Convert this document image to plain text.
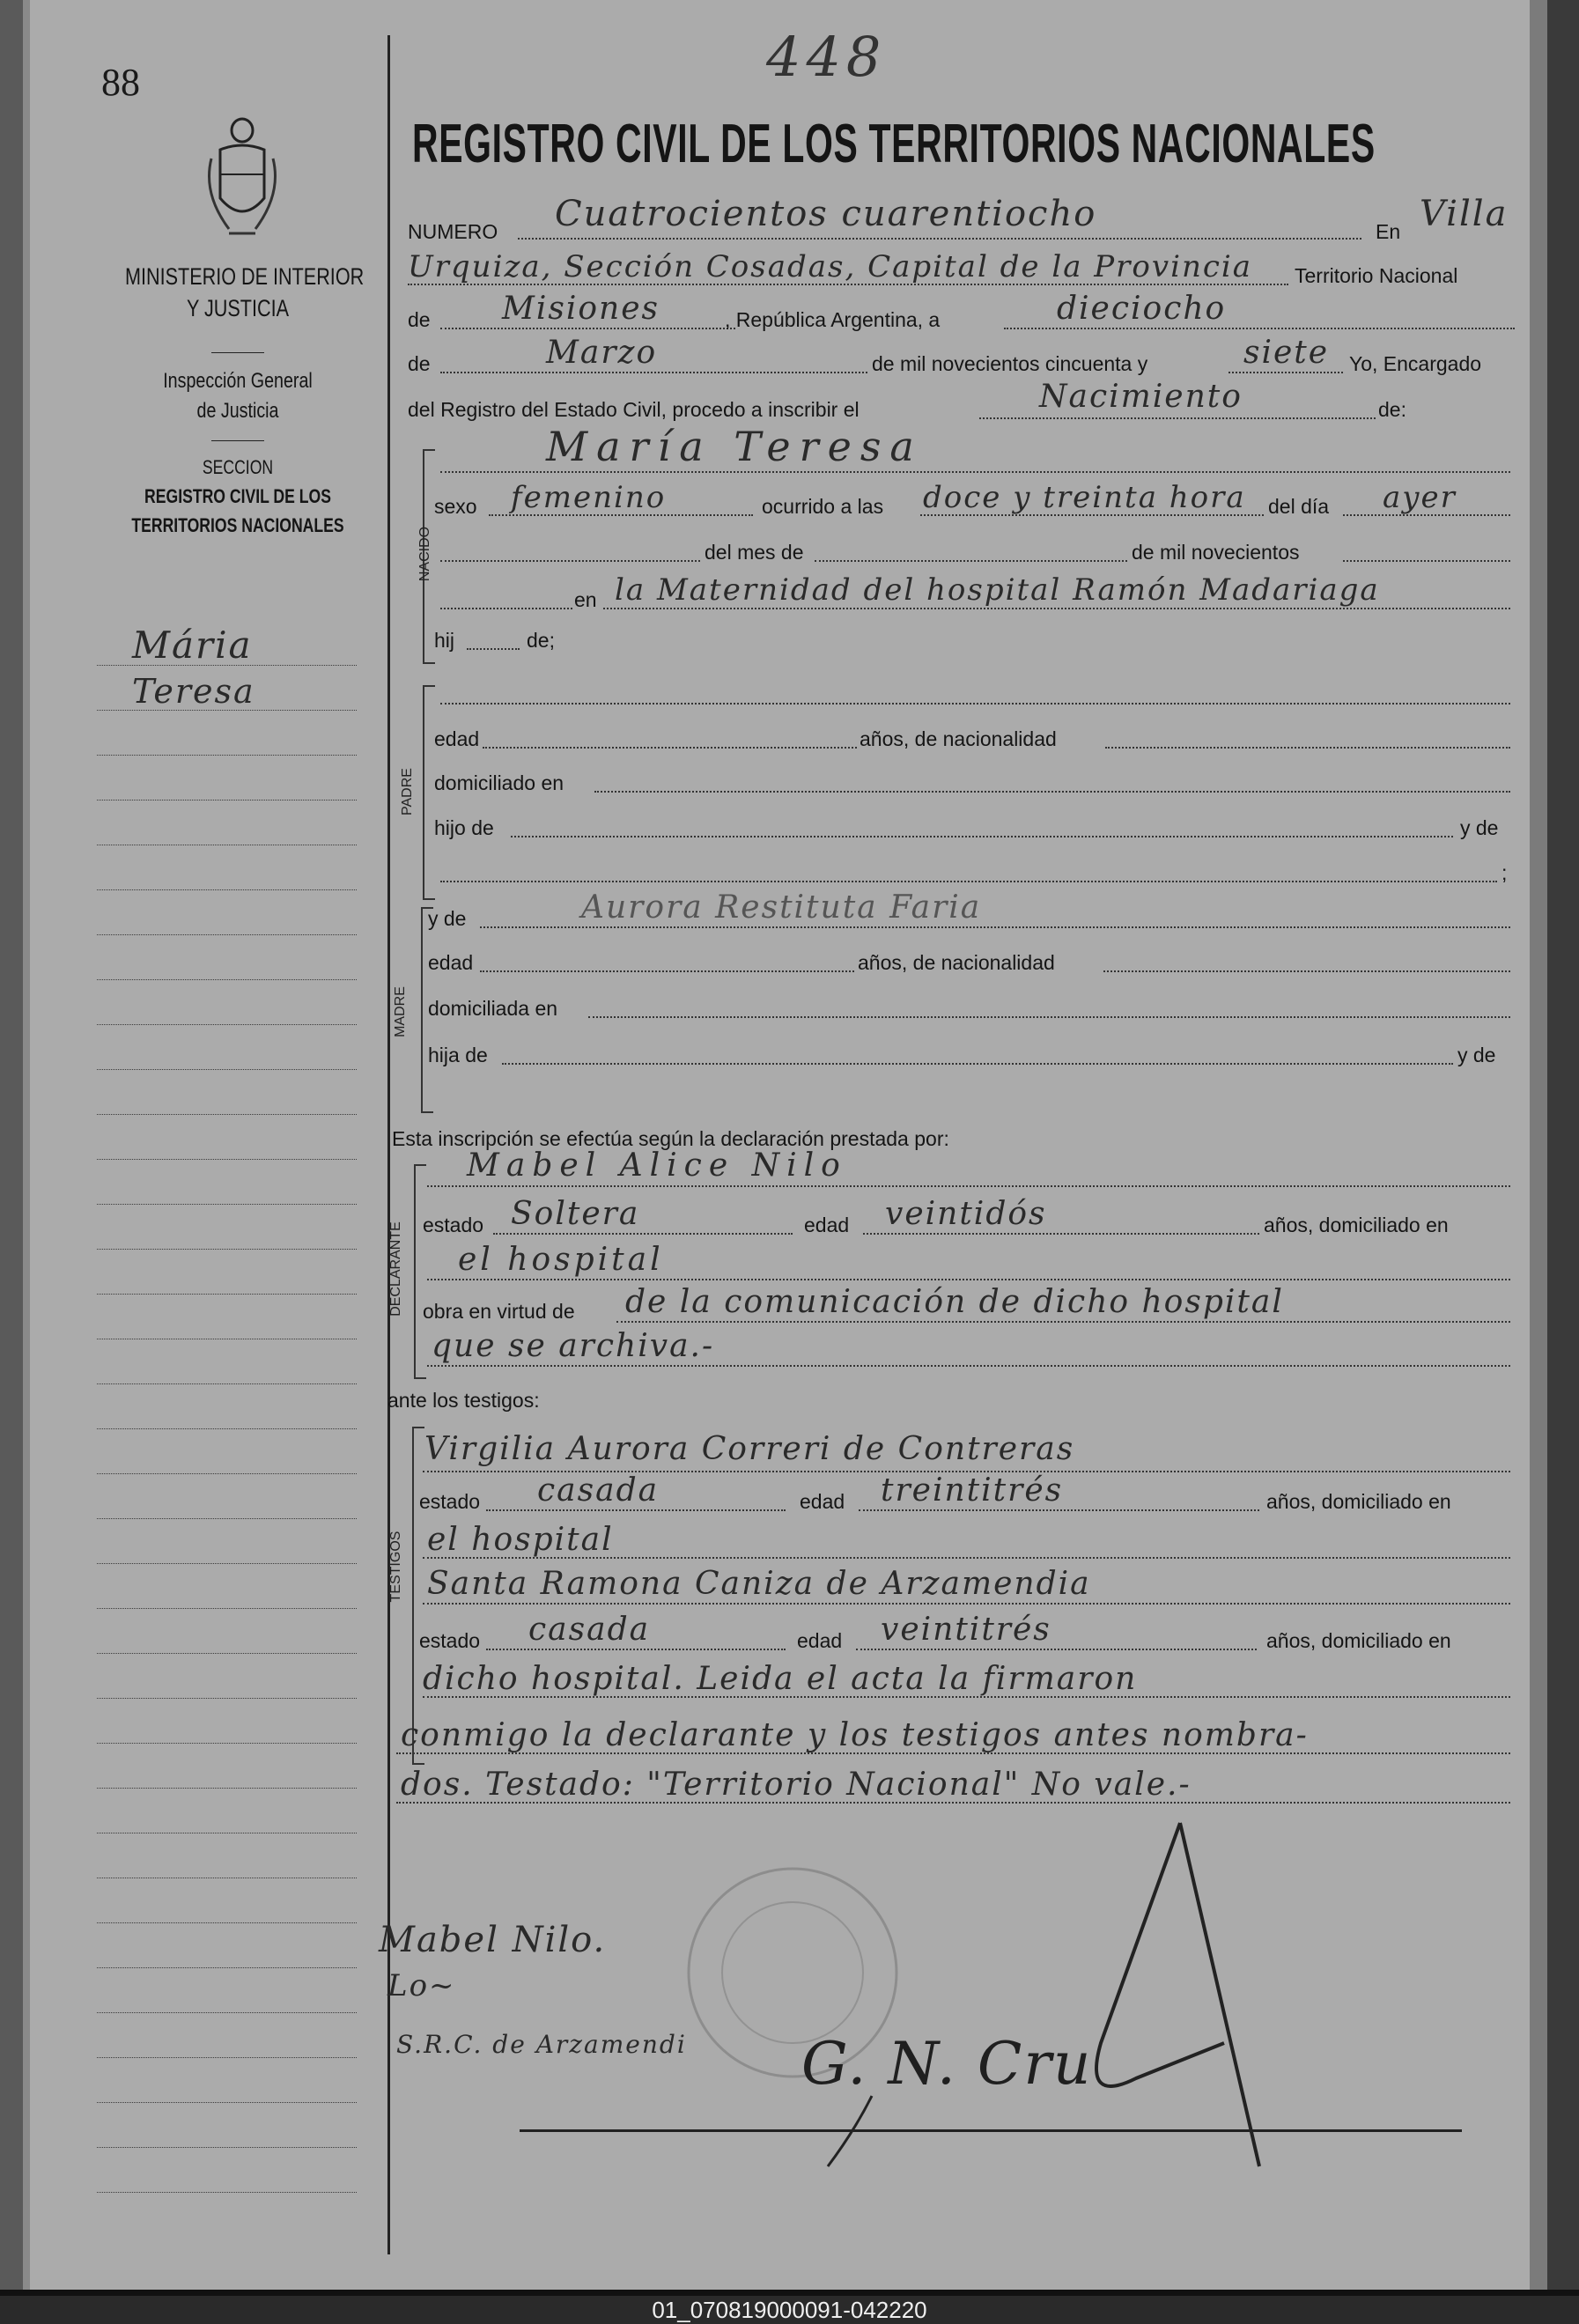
88
MINISTERIO DE INTERIOR
Y JUSTICIA
Inspección General
de Justicia
SECCION
REGISTRO CIVIL DE LOS
TERRITORIOS NACIONALES
Mária
Teresa
Mabel Nilo.
Lo~
S.R.C. de Arzamendi
448
REGISTRO CIVIL DE LOS TERRITORIOS NACIONALES
NUMERO Cuatrocientos cuarentiocho	En Villa
Urquiza, Sección Cosadas, Capital de la Provincia Territorio Nacional
de Misiones	, República Argentina, a	dieciocho
de	Marzo	de mil novecientos cincuenta y	siete Yo, Encargado
del Registro del Estado Civil, procedo a inscribir el	Nacimiento	de:
NACIDO
María Teresa
sexo femenino	ocurrido a las doce y treinta hora del día ayer
del mes de	de mil novecientos
en la Maternidad del hospital Ramón Madariaga
hij	de;
PADRE
edad	años, de nacionalidad
domiciliado en
hijo de	y de
;
MADRE
y de	Aurora Restituta Faria
edad	años, de nacionalidad
domiciliada en
hija de	y de
Esta inscripción se efectúa según la declaración prestada por:
DECLARANTE
Mabel Alice Nilo
estado Soltera	edad veintidós	años, domiciliado en
el hospital
obra en virtud de de la comunicación de dicho hospital
que se archiva.-
ante los testigos:
TESTIGOS
Virgilia Aurora Correri de Contreras
estado casada	edad treintitrés	años, domiciliado en
el hospital
Santa Ramona Caniza de Arzamendia
estado casada	edad veintitrés	años, domiciliado en
dicho hospital. Leida el acta la firmaron
conmigo la declarante y los testigos antes nombra-
dos. Testado: "Territorio Nacional" No vale.-
G. N. Cru
01_070819000091-042220
